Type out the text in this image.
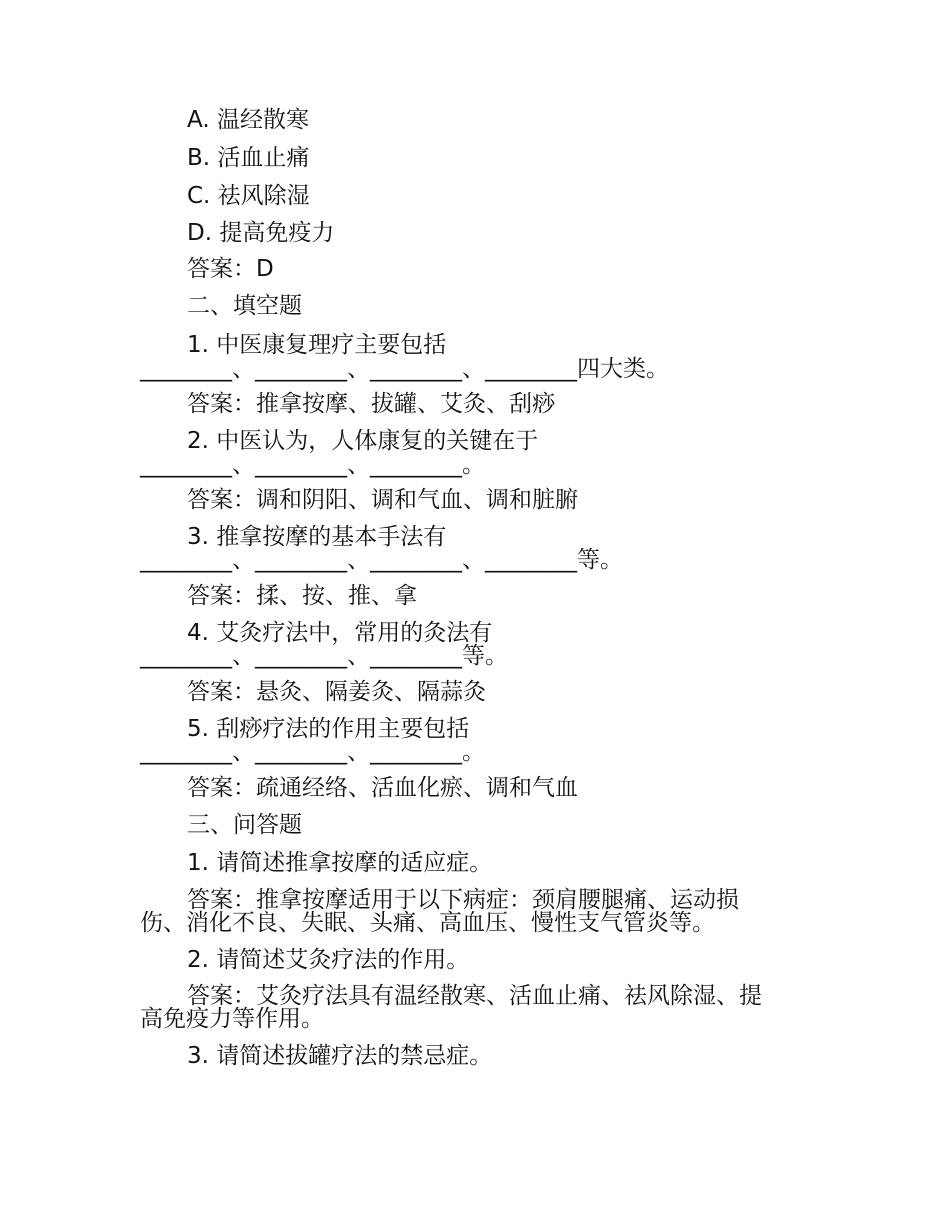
A. 温经散寒
B. 活血止痛
C. 祛风除湿
D. 提高免疫力
答案：D
二、填空题
1. 中医康复理疗主要包括
________、________、________、________四大类。
答案：推拿按摩、拔罐、艾灸、刮痧
2. 中医认为，人体康复的关键在于
________、________、________。
答案：调和阴阳、调和气血、调和脏腑
3. 推拿按摩的基本手法有
________、________、________、________等。
答案：揉、按、推、拿
4. 艾灸疗法中，常用的灸法有
________、________、________等。
答案：悬灸、隔姜灸、隔蒜灸
5. 刮痧疗法的作用主要包括
________、________、________。
答案：疏通经络、活血化瘀、调和气血
三、问答题
1. 请简述推拿按摩的适应症。
答案：推拿按摩适用于以下病症：颈肩腰腿痛、运动损
伤、消化不良、失眠、头痛、高血压、慢性支气管炎等。
2. 请简述艾灸疗法的作用。
答案：艾灸疗法具有温经散寒、活血止痛、祛风除湿、提
高免疫力等作用。
3. 请简述拔罐疗法的禁忌症。
